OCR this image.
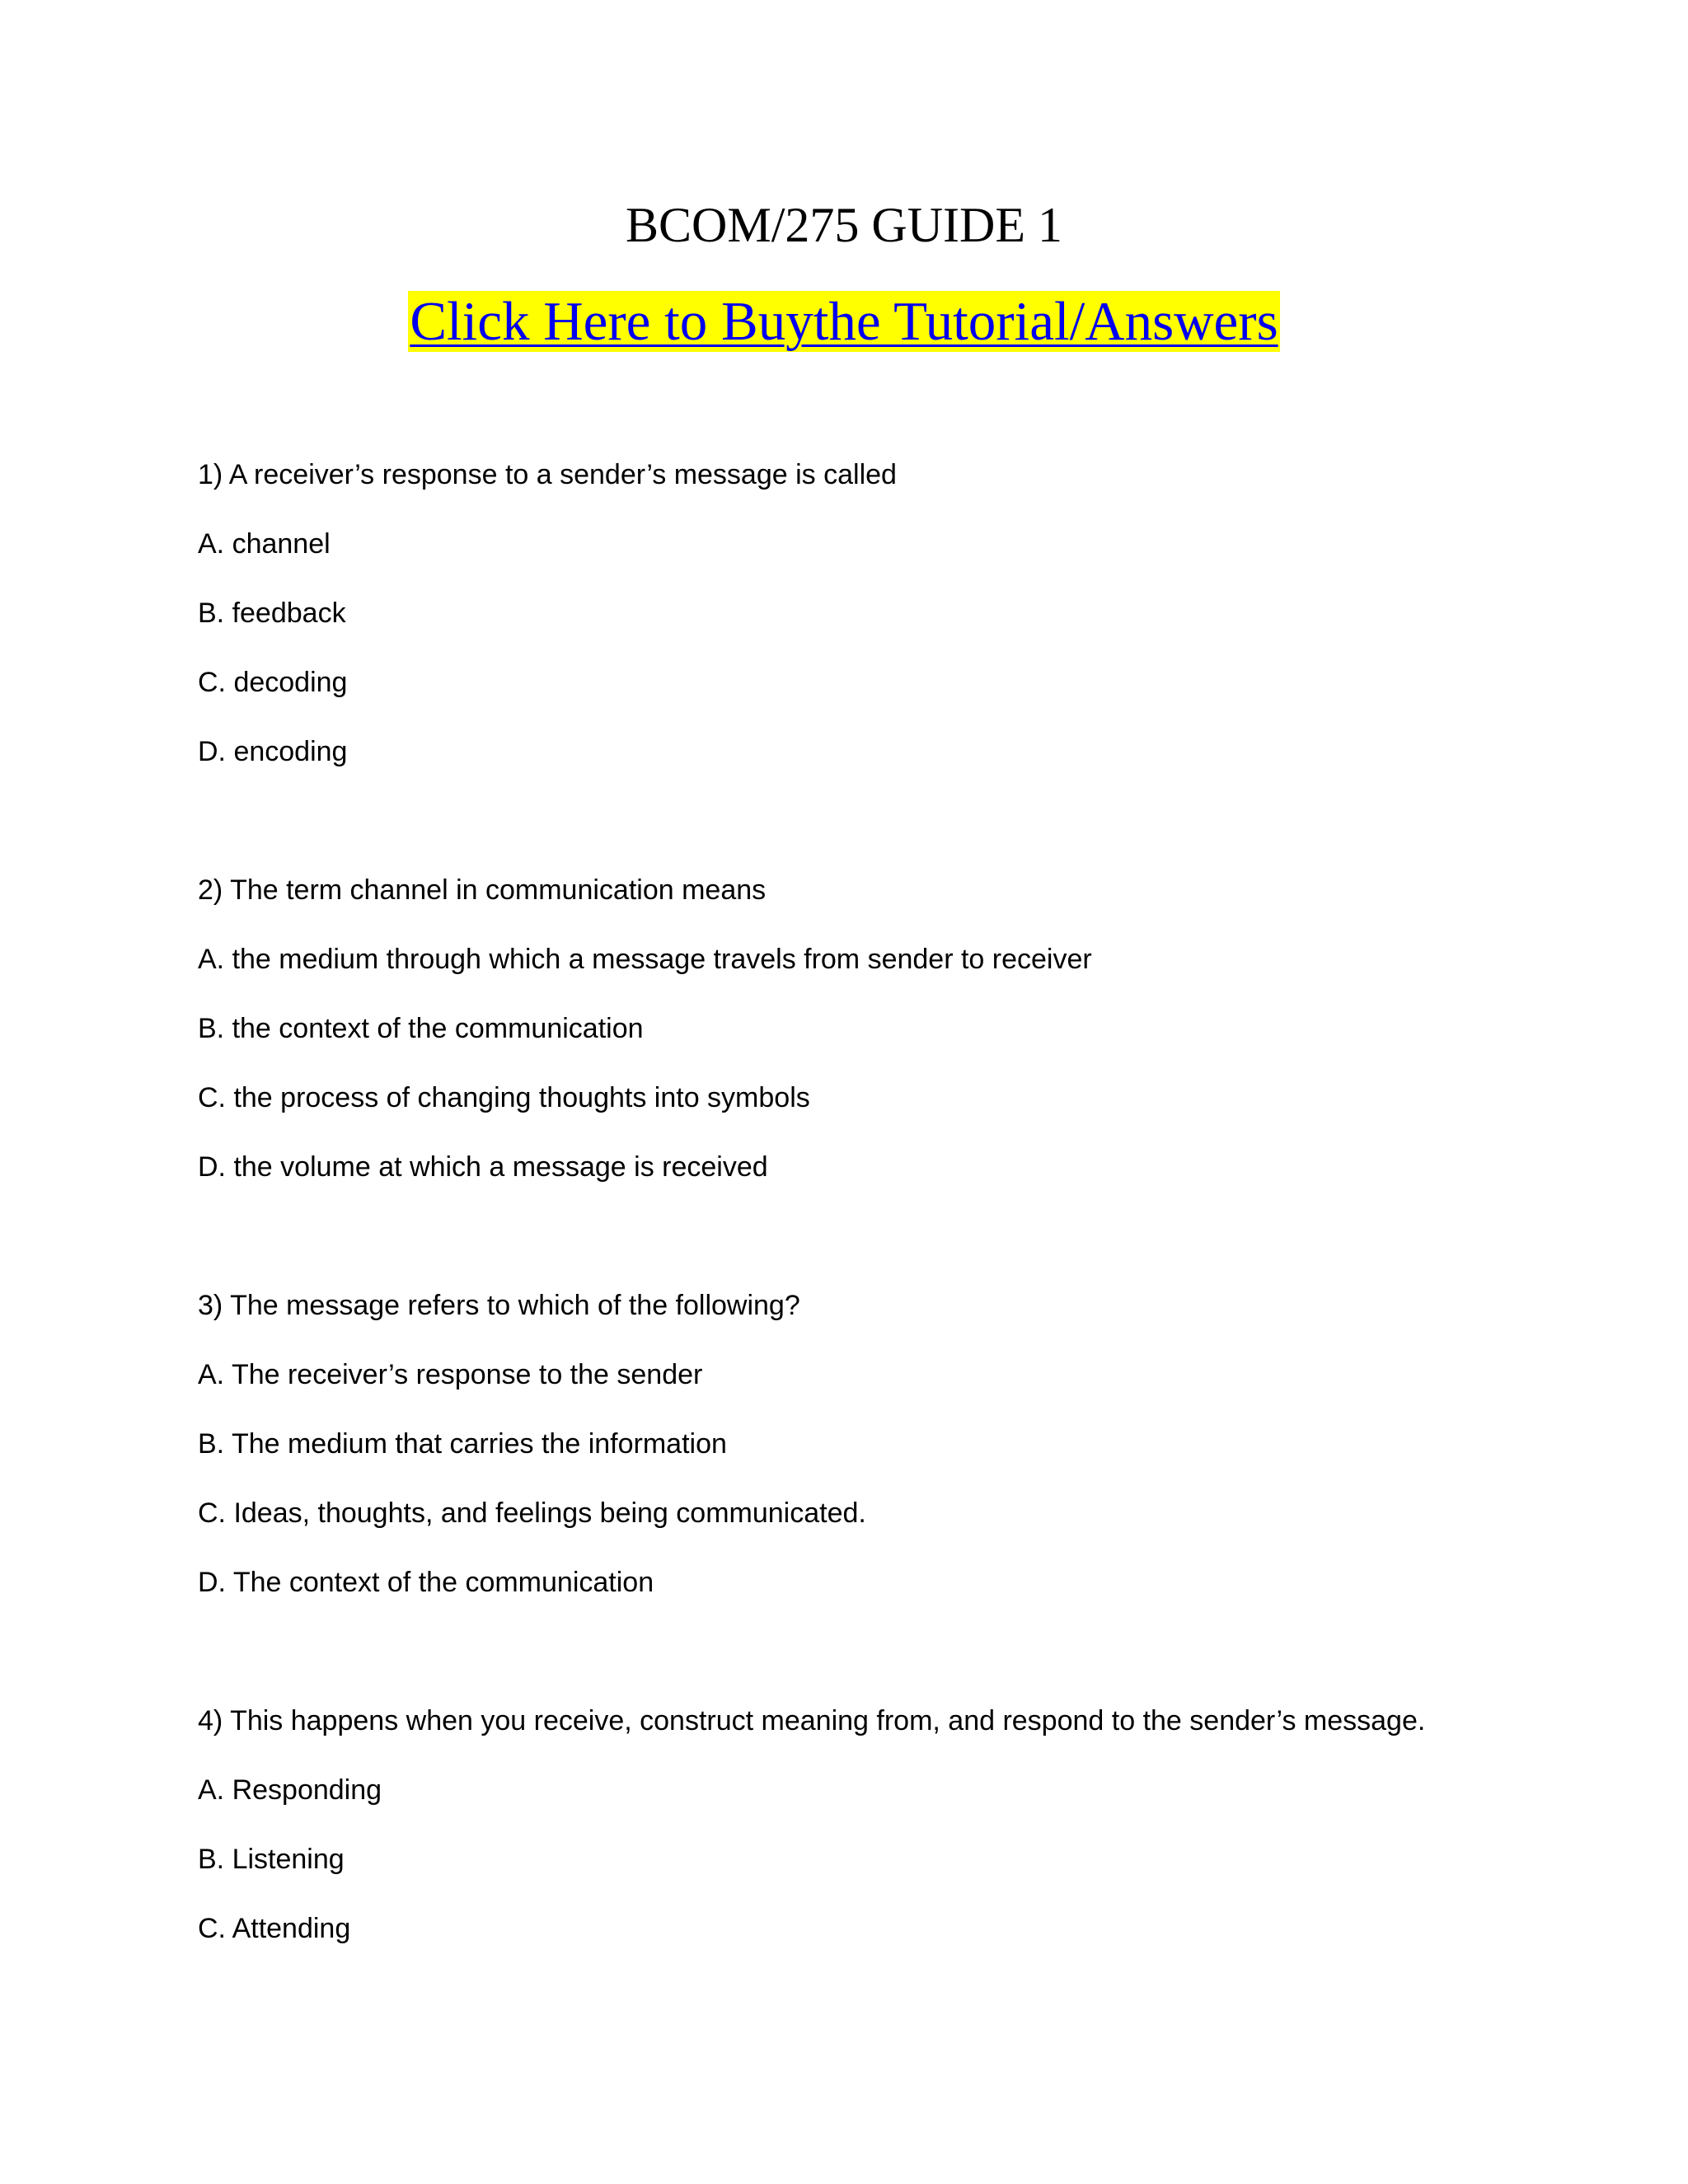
BCOM/275 GUIDE 1
Click Here to Buythe Tutorial/Answers
1) A receiver’s response to a sender’s message is called
A. channel
B. feedback
C. decoding
D. encoding
2) The term channel in communication means
A. the medium through which a message travels from sender to receiver
B. the context of the communication
C. the process of changing thoughts into symbols
D. the volume at which a message is received
3) The message refers to which of the following?
A. The receiver’s response to the sender
B. The medium that carries the information
C. Ideas, thoughts, and feelings being communicated.
D. The context of the communication
4) This happens when you receive, construct meaning from, and respond to the sender’s message.
A. Responding
B. Listening
C. Attending
